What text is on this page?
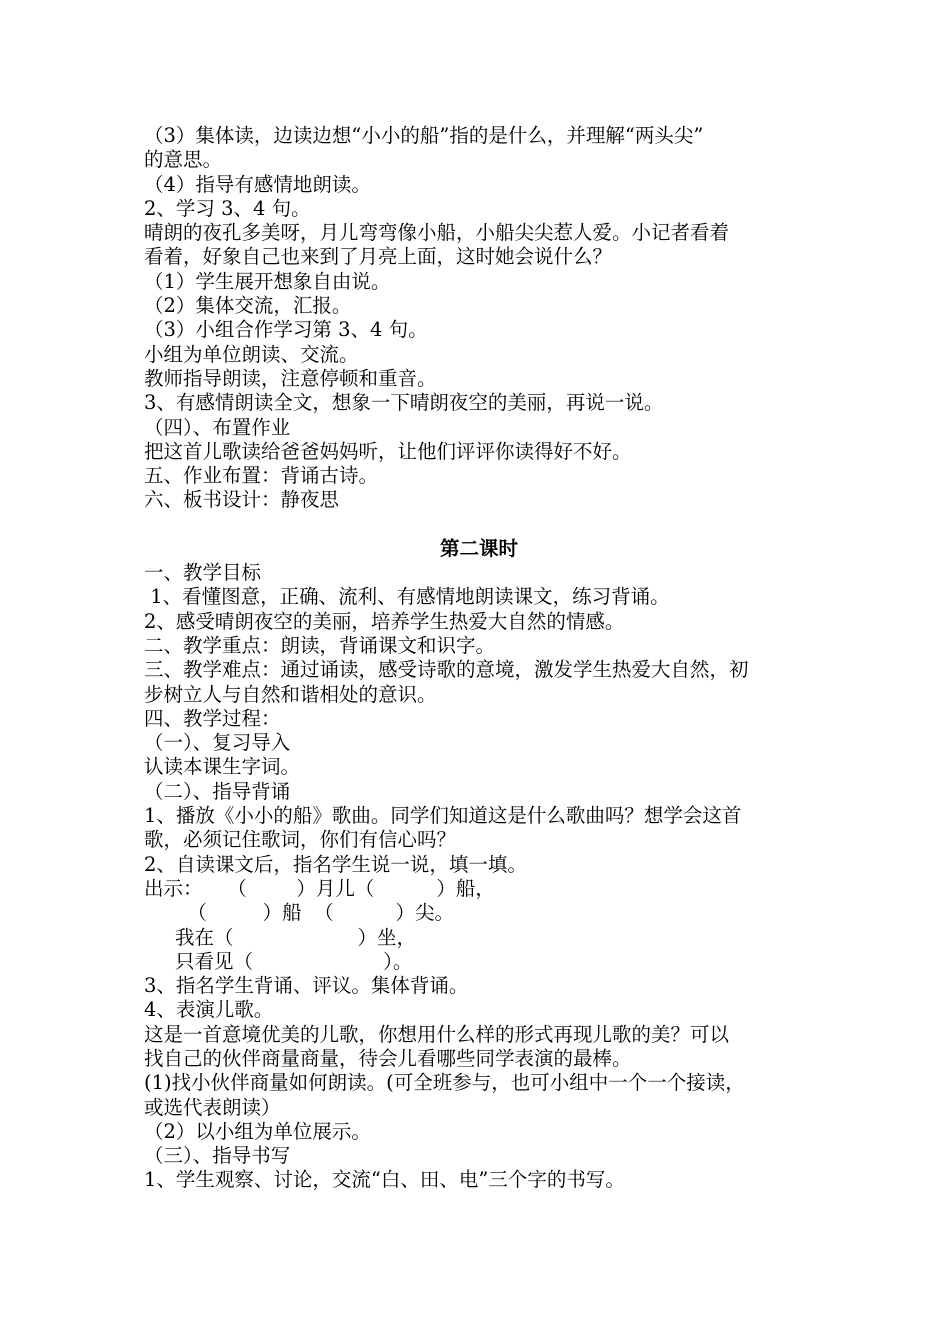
（3）集体读，边读边想“小小的船”指的是什么，并理解“两头尖”

的意思。

（4）指导有感情地朗读。

2、学习 3、4 句。

晴朗的夜孔多美呀，月儿弯弯像小船，小船尖尖惹人爱。小记者看着

看着，好象自己也来到了月亮上面，这时她会说什么？

（1）学生展开想象自由说。

（2）集体交流，汇报。

（3）小组合作学习第 3、4 句。

小组为单位朗读、交流。

教师指导朗读，注意停顿和重音。

3、有感情朗读全文，想象一下晴朗夜空的美丽，再说一说。

（四）、布置作业

把这首儿歌读给爸爸妈妈听，让他们评评你读得好不好。

五、作业布置：背诵古诗。

六、板书设计：静夜思

第二课时

一、教学目标

1、看懂图意，正确、流利、有感情地朗读课文，练习背诵。

2、感受晴朗夜空的美丽，培养学生热爱大自然的情感。

二、教学重点：朗读，背诵课文和识字。

三、教学难点：通过诵读，感受诗歌的意境，激发学生热爱大自然，初

步树立人与自然和谐相处的意识。

四、教学过程：

（一）、复习导入

认读本课生字词。

（二）、指导背诵

1、播放《小小的船》歌曲。同学们知道这是什么歌曲吗？想学会这首

歌，必须记住歌词，你们有信心吗？

2、自读课文后，指名学生说一说，填一填。

出示：    （        ）月儿（          ）船，

（         ）船  （          ）尖。

我在（                    ）坐，

只看见（                     ）。

3、指名学生背诵、评议。集体背诵。

4、表演儿歌。

这是一首意境优美的儿歌，你想用什么样的形式再现儿歌的美？可以

找自己的伙伴商量商量，待会儿看哪些同学表演的最棒。

(1)找小伙伴商量如何朗读。(可全班参与，也可小组中一个一个接读，

或选代表朗读）

（2）以小组为单位展示。

（三）、指导书写

1、学生观察、讨论，交流“白、田、电”三个字的书写。
